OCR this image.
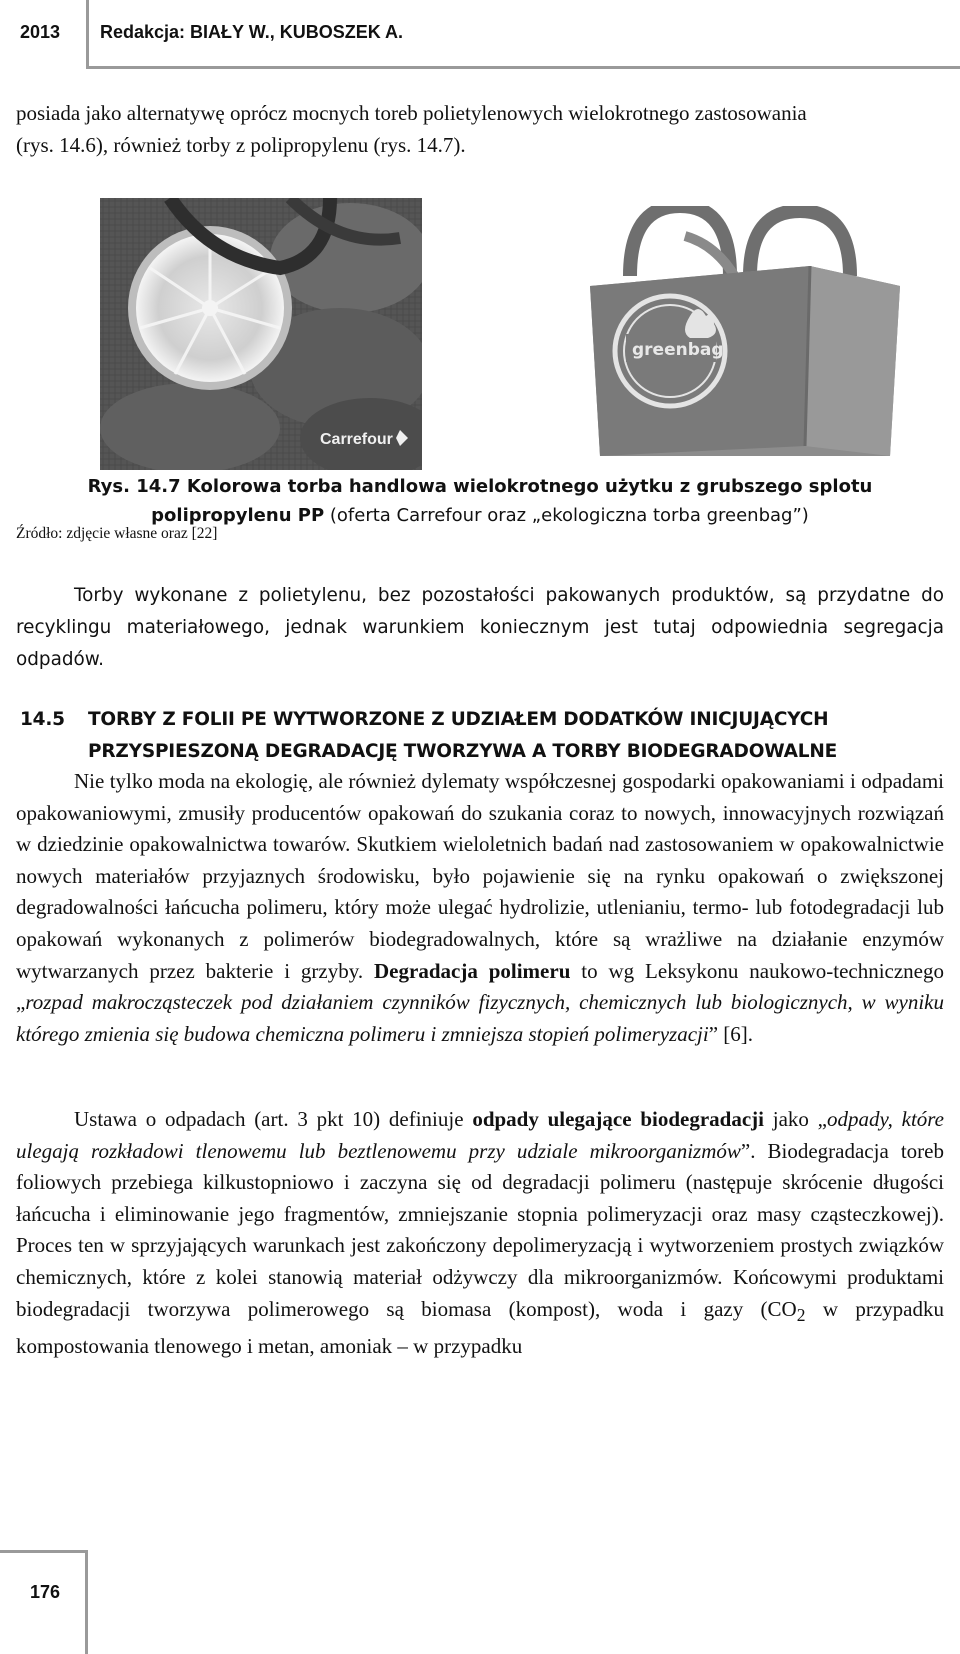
2013 Redakcja: BIAŁY W., KUBOSZEK A.

posiada jako alternatywę oprócz mocnych toreb polietylenowych wielokrotnego zastosowania

(rys. 14.6), również torby z polipropylenu (rys. 14.7).

Carrefour
greenbag
Rys. 14.7 Kolorowa torba handlowa wielokrotnego użytku z grubszego splotu
polipropylenu PP (oferta Carrefour oraz „ekologiczna torba greenbag”)
Źródło: zdjęcie własne oraz [22]

Torby wykonane z polietylenu, bez pozostałości pakowanych produktów, są przydatne do recyklingu materiałowego, jednak warunkiem koniecznym jest tutaj odpowiednia segregacja odpadów.

14.5 TORBY Z FOLII PE WYTWORZONE Z UDZIAŁEM DODATKÓW INICJUJĄCYCH
PRZYSPIESZONĄ DEGRADACJĘ TWORZYWA A TORBY BIODEGRADOWALNE

Nie tylko moda na ekologię, ale również dylematy współczesnej gospodarki opakowaniami i odpadami opakowaniowymi, zmusiły producentów opakowań do szukania coraz to nowych, innowacyjnych rozwiązań w dziedzinie opakowalnictwa towarów. Skutkiem wieloletnich badań nad zastosowaniem w opakowalnictwie nowych materiałów przyjaznych środowisku, było pojawienie się na rynku opakowań o zwiększonej degradowalności łańcucha polimeru, który może ulegać hydrolizie, utlenianiu, termo- lub fotodegradacji lub opakowań wykonanych z polimerów biodegradowalnych, które są wrażliwe na działanie enzymów wytwarzanych przez bakterie i grzyby. Degradacja polimeru to wg Leksykonu naukowo-technicznego „rozpad makrocząsteczek pod działaniem czynników fizycznych, chemicznych lub biologicznych, w wyniku którego zmienia się budowa chemiczna polimeru i zmniejsza stopień polimeryzacji” [6].

Ustawa o odpadach (art. 3 pkt 10) definiuje odpady ulegające biodegradacji jako „odpady, które ulegają rozkładowi tlenowemu lub beztlenowemu przy udziale mikroorganizmów”. Biodegradacja toreb foliowych przebiega kilkustopniowo i zaczyna się od degradacji polimeru (następuje skrócenie długości łańcucha i eliminowanie jego fragmentów, zmniejszanie stopnia polimeryzacji oraz masy cząsteczkowej). Proces ten w sprzyjających warunkach jest zakończony depolimeryzacją i wytworzeniem prostych związków chemicznych, które z kolei stanowią materiał odżywczy dla mikroorganizmów. Końcowymi produktami biodegradacji tworzywa polimerowego są biomasa (kompost), woda i gazy ($CO_2$ w przypadku kompostowania tlenowego i metan, amoniak – w przypadku

176
